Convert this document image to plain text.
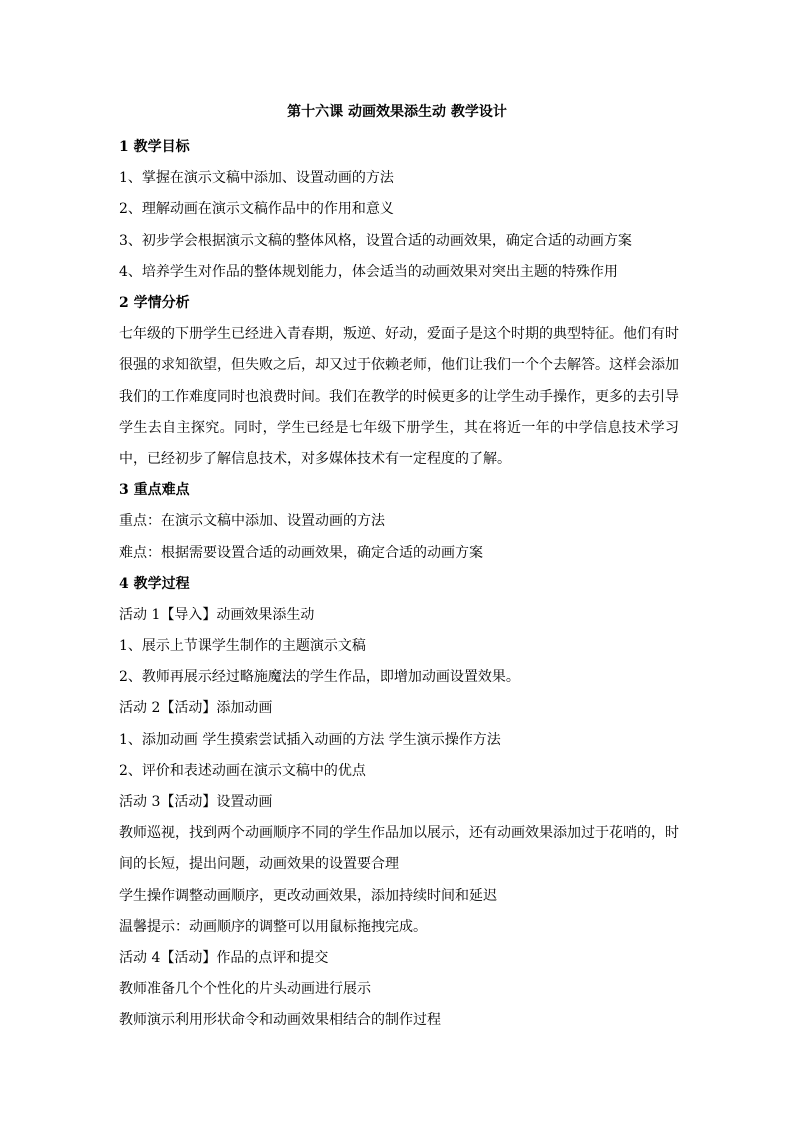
第十六课 动画效果添生动 教学设计
1 教学目标
1、掌握在演示文稿中添加、设置动画的方法
2、理解动画在演示文稿作品中的作用和意义
3、初步学会根据演示文稿的整体风格，设置合适的动画效果，确定合适的动画方案
4、培养学生对作品的整体规划能力，体会适当的动画效果对突出主题的特殊作用
2 学情分析
七年级的下册学生已经进入青春期，叛逆、好动，爱面子是这个时期的典型特征。他们有时很强的求知欲望，但失败之后，却又过于依赖老师，他们让我们一个个去解答。这样会添加我们的工作难度同时也浪费时间。我们在教学的时候更多的让学生动手操作，更多的去引导学生去自主探究。同时，学生已经是七年级下册学生，其在将近一年的中学信息技术学习中，已经初步了解信息技术，对多媒体技术有一定程度的了解。
3 重点难点
重点：在演示文稿中添加、设置动画的方法
难点：根据需要设置合适的动画效果，确定合适的动画方案
4 教学过程
活动 1【导入】动画效果添生动
1、展示上节课学生制作的主题演示文稿
2、教师再展示经过略施魔法的学生作品，即增加动画设置效果。
活动 2【活动】添加动画
1、添加动画 学生摸索尝试插入动画的方法 学生演示操作方法
2、评价和表述动画在演示文稿中的优点
活动 3【活动】设置动画
教师巡视，找到两个动画顺序不同的学生作品加以展示，还有动画效果添加过于花哨的，时间的长短，提出问题，动画效果的设置要合理
学生操作调整动画顺序，更改动画效果，添加持续时间和延迟
温馨提示：动画顺序的调整可以用鼠标拖拽完成。
活动 4【活动】作品的点评和提交
教师准备几个个性化的片头动画进行展示
教师演示利用形状命令和动画效果相结合的制作过程
